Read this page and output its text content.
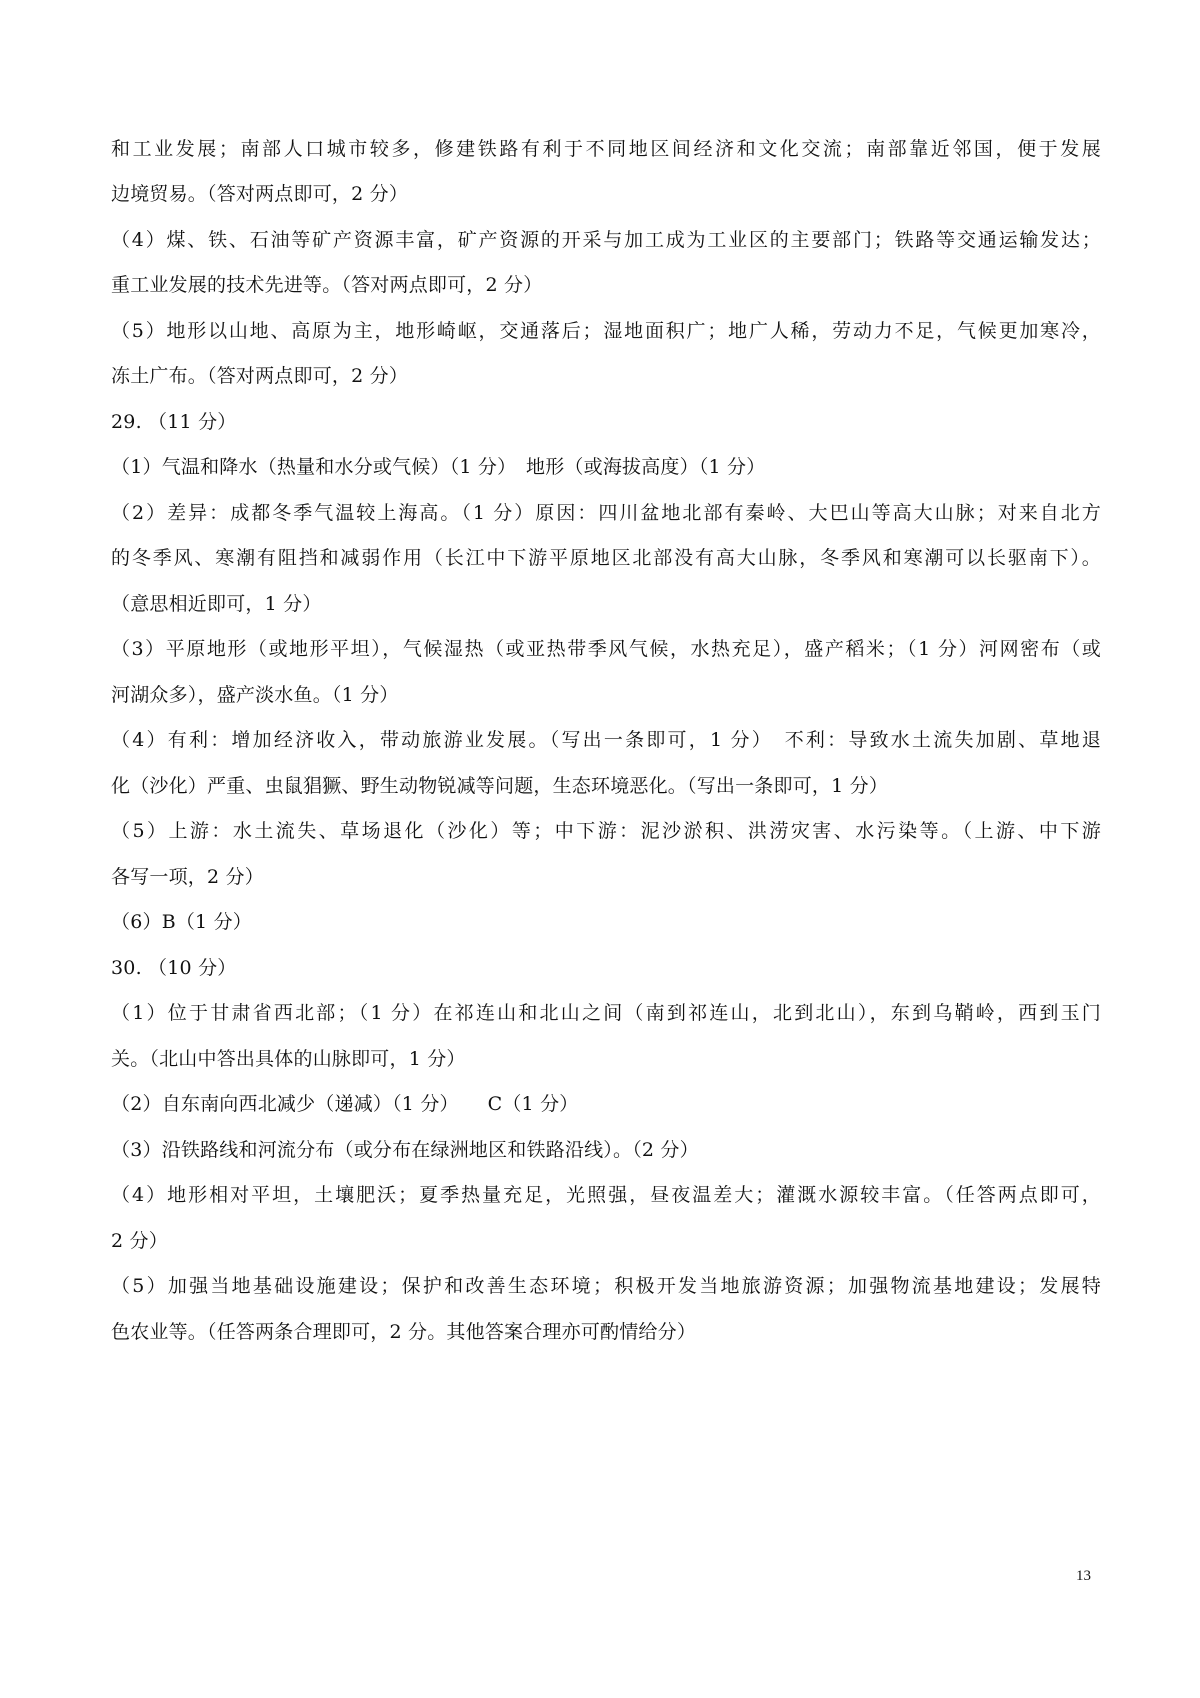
和工业发展；南部人口城市较多，修建铁路有利于不同地区间经济和文化交流；南部靠近邻国，便于发展
边境贸易。（答对两点即可，2 分）
（4）煤、铁、石油等矿产资源丰富，矿产资源的开采与加工成为工业区的主要部门；铁路等交通运输发达；
重工业发展的技术先进等。（答对两点即可，2 分）
（5）地形以山地、高原为主，地形崎岖，交通落后；湿地面积广；地广人稀，劳动力不足，气候更加寒冷，
冻土广布。（答对两点即可，2 分）
29. （11 分）
（1）气温和降水（热量和水分或气候）（1 分）　地形（或海拔高度）（1 分）
（2）差异：成都冬季气温较上海高。（1 分）原因：四川盆地北部有秦岭、大巴山等高大山脉；对来自北方
的冬季风、寒潮有阻挡和减弱作用（长江中下游平原地区北部没有高大山脉，冬季风和寒潮可以长驱南下）。
（意思相近即可，1 分）
（3）平原地形（或地形平坦），气候湿热（或亚热带季风气候，水热充足），盛产稻米；（1 分）河网密布（或
河湖众多），盛产淡水鱼。（1 分）
（4）有利：增加经济收入，带动旅游业发展。（写出一条即可，1 分）　不利：导致水土流失加剧、草地退
化（沙化）严重、虫鼠猖獗、野生动物锐减等问题，生态环境恶化。（写出一条即可，1 分）
（5）上游：水土流失、草场退化（沙化）等；中下游：泥沙淤积、洪涝灾害、水污染等。（上游、中下游
各写一项，2 分）
（6）B（1 分）
30. （10 分）
（1）位于甘肃省西北部；（1 分）在祁连山和北山之间（南到祁连山，北到北山），东到乌鞘岭，西到玉门
关。（北山中答出具体的山脉即可，1 分）
（2）自东南向西北减少（递减）（1 分）　　C（1 分）
（3）沿铁路线和河流分布（或分布在绿洲地区和铁路沿线）。（2 分）
（4）地形相对平坦，土壤肥沃；夏季热量充足，光照强，昼夜温差大；灌溉水源较丰富。（任答两点即可，
2 分）
（5）加强当地基础设施建设；保护和改善生态环境；积极开发当地旅游资源；加强物流基地建设；发展特
色农业等。（任答两条合理即可，2 分。其他答案合理亦可酌情给分）
13
